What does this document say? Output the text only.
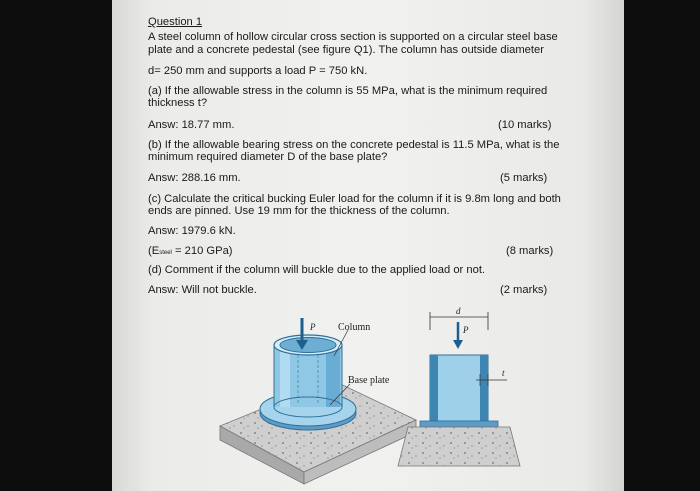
Question 1
A steel column of hollow circular cross section is supported on a circular steel base
plate and a concrete pedestal (see figure Q1). The column has outside diameter
d= 250 mm and supports a load P = 750 kN.
(a) If the allowable stress in the column is 55 MPa, what is the minimum required
thickness t?
Answ: 18.77 mm.	(10 marks)
(b) If the allowable bearing stress on the concrete pedestal is 11.5 MPa, what is the
minimum required diameter D of the base plate?
Answ: 288.16 mm.	(5 marks)
(c) Calculate the critical bucking Euler load for the column if it is 9.8m long and both
ends are pinned. Use 19 mm for the thickness of the column.
Answ: 1979.6 kN.
(Esteel = 210 GPa)	(8 marks)
(d) Comment if the column will buckle due to the applied load or not.
Answ: Will not buckle.	(2 marks)
P Column
Base plate
d
P
t
